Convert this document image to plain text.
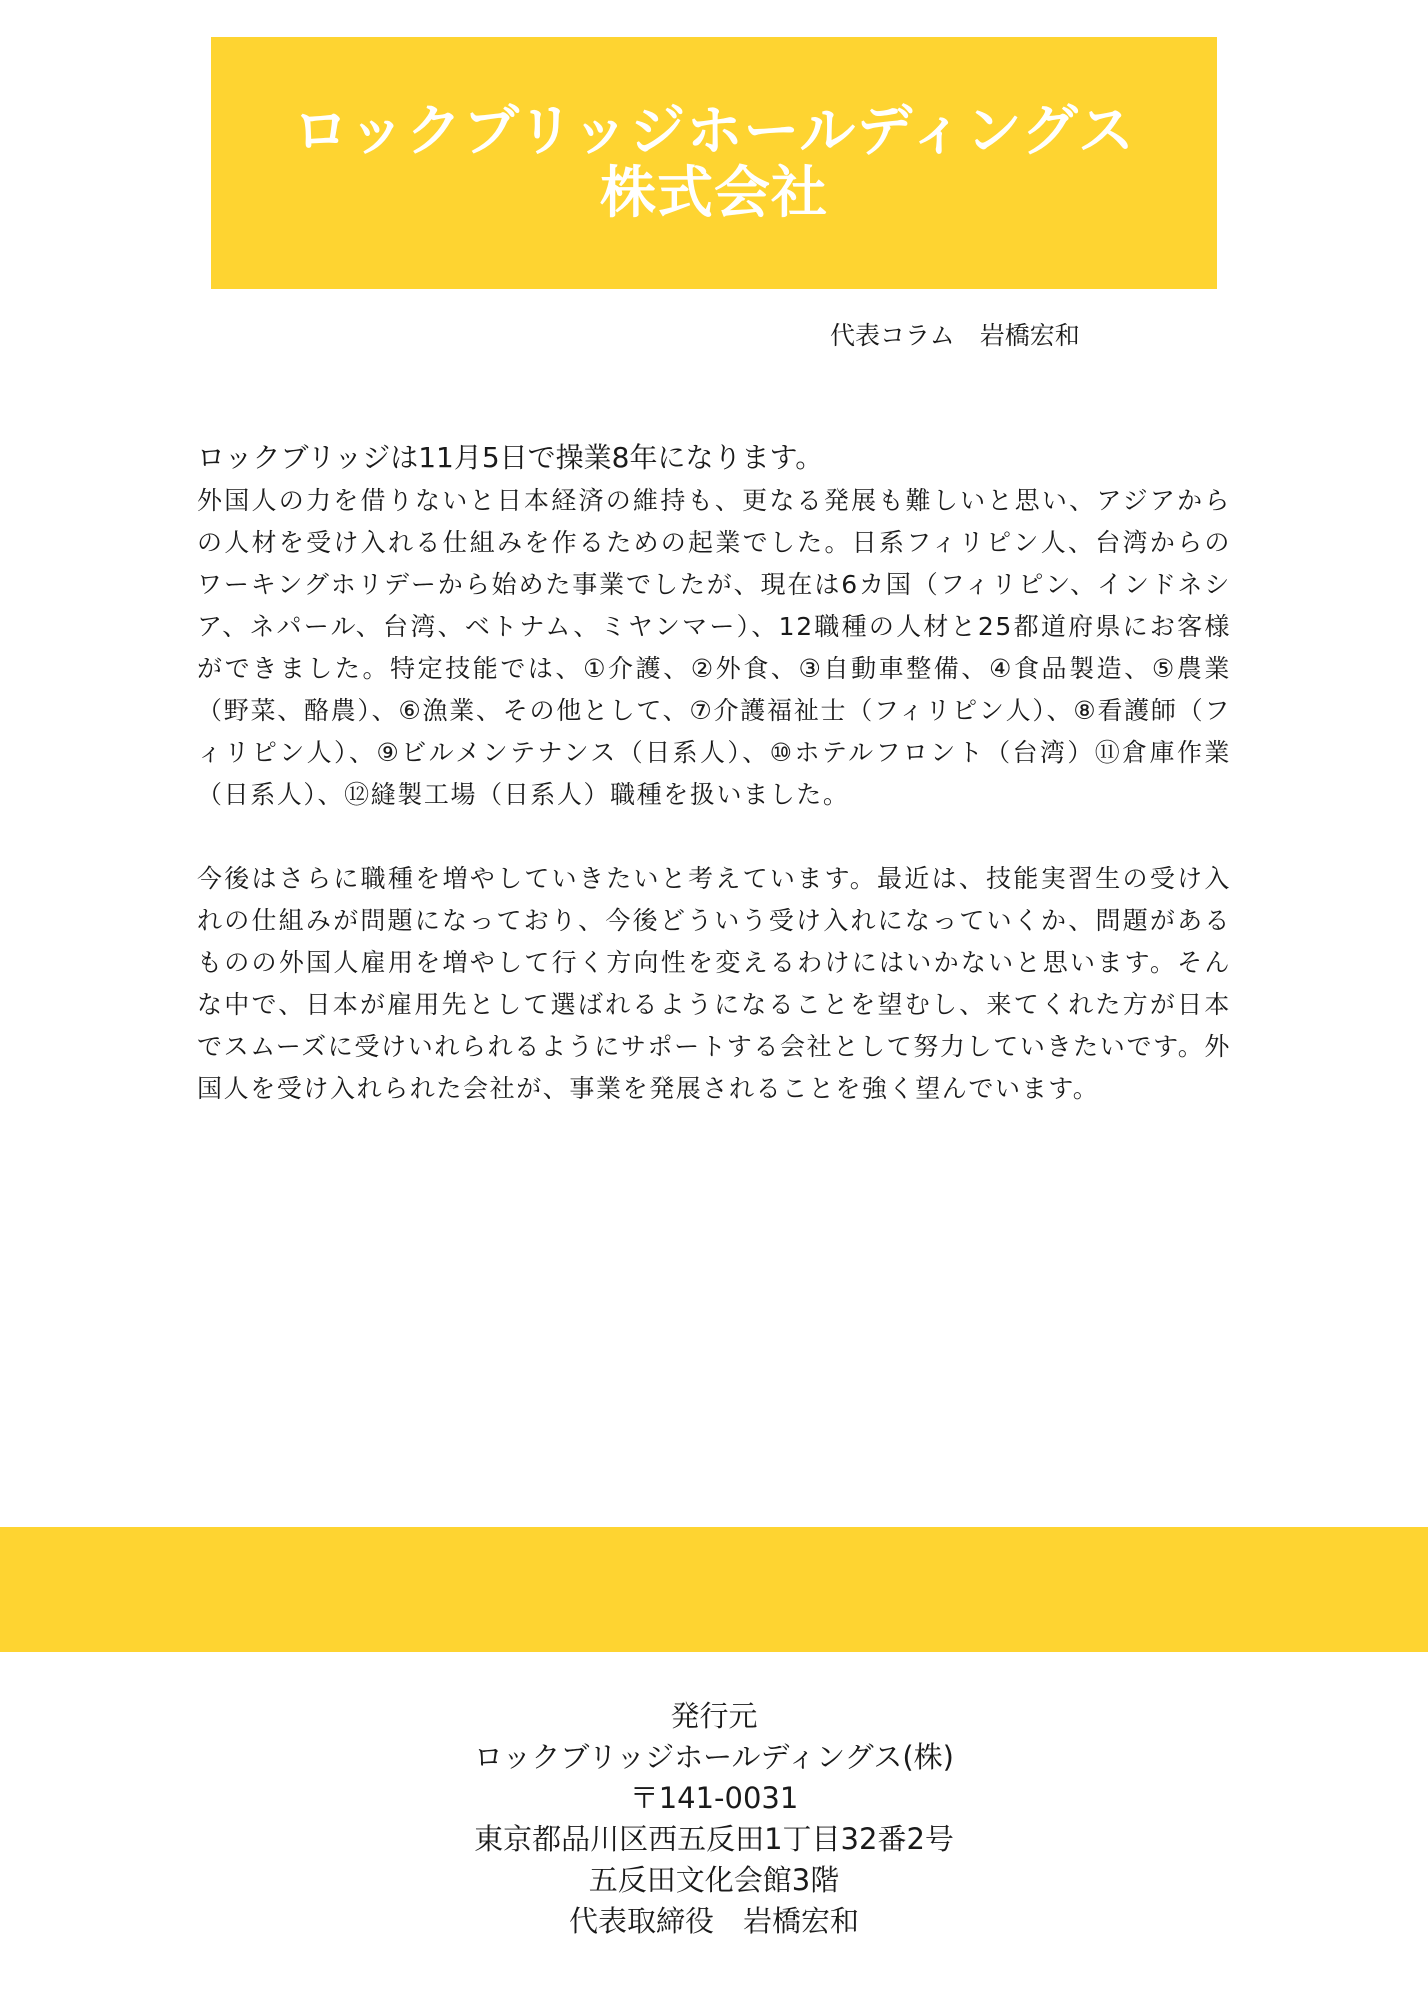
ロックブリッジホールディングス株式会社
代表コラム　岩橋宏和

ロックブリッジは11月5日で操業8年になります。

外国人の力を借りないと日本経済の維持も、更なる発展も難しいと思い、アジアからの人材を受け入れる仕組みを作るための起業でした。日系フィリピン人、台湾からのワーキングホリデーから始めた事業でしたが、現在は6カ国（フィリピン、インドネシア、ネパール、台湾、ベトナム、ミヤンマー）、12職種の人材と25都道府県にお客様ができました。特定技能では、①介護、②外食、③自動車整備、④食品製造、⑤農業（野菜、酪農）、⑥漁業、その他として、⑦介護福祉士（フィリピン人）、⑧看護師（フィリピン人）、⑨ビルメンテナンス（日系人）、⑩ホテルフロント（台湾）⑪倉庫作業（日系人）、⑫縫製工場（日系人）職種を扱いました。

今後はさらに職種を増やしていきたいと考えています。最近は、技能実習生の受け入れの仕組みが問題になっており、今後どういう受け入れになっていくか、問題があるものの外国人雇用を増やして行く方向性を変えるわけにはいかないと思います。そんな中で、日本が雇用先として選ばれるようになることを望むし、来てくれた方が日本でスムーズに受けいれられるようにサポートする会社として努力していきたいです。外国人を受け入れられた会社が、事業を発展されることを強く望んでいます。

発行元
ロックブリッジホールディングス(株)
〒141-0031
東京都品川区西五反田1丁目32番2号
五反田文化会館3階
代表取締役　岩橋宏和
